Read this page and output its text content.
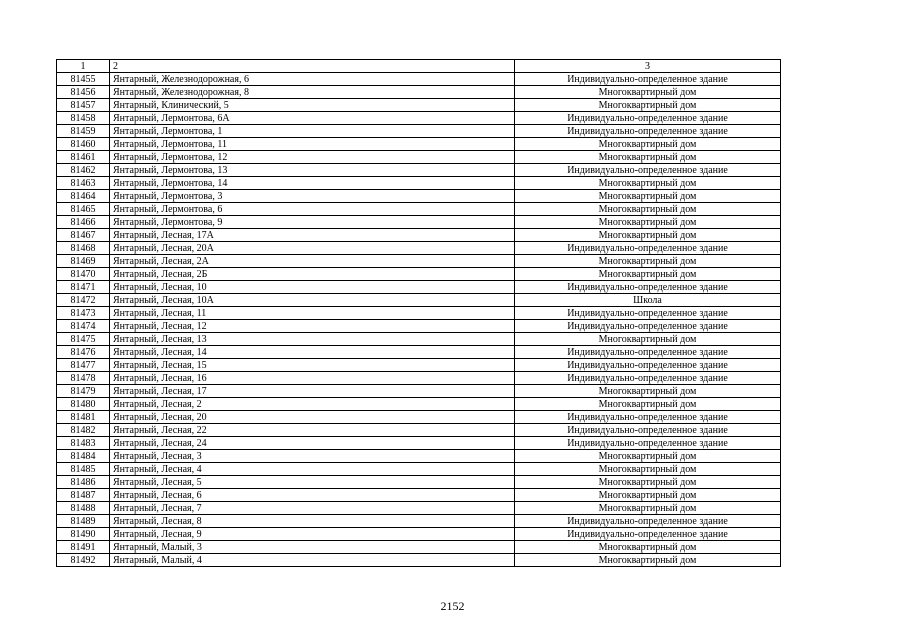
1	2	3
81455	Янтарный, Железнодорожная, 6	Индивидуально-определенное здание
81456	Янтарный, Железнодорожная, 8	Многоквартирный дом
81457	Янтарный, Клинический, 5	Многоквартирный дом
81458	Янтарный, Лермонтова, 6А	Индивидуально-определенное здание
81459	Янтарный, Лермонтова, 1	Индивидуально-определенное здание
81460	Янтарный, Лермонтова, 11	Многоквартирный дом
81461	Янтарный, Лермонтова, 12	Многоквартирный дом
81462	Янтарный, Лермонтова, 13	Индивидуально-определенное здание
81463	Янтарный, Лермонтова, 14	Многоквартирный дом
81464	Янтарный, Лермонтова, 3	Многоквартирный дом
81465	Янтарный, Лермонтова, 6	Многоквартирный дом
81466	Янтарный, Лермонтова, 9	Многоквартирный дом
81467	Янтарный, Лесная, 17А	Многоквартирный дом
81468	Янтарный, Лесная, 20А	Индивидуально-определенное здание
81469	Янтарный, Лесная, 2А	Многоквартирный дом
81470	Янтарный, Лесная, 2Б	Многоквартирный дом
81471	Янтарный, Лесная, 10	Индивидуально-определенное здание
81472	Янтарный, Лесная, 10А	Школа
81473	Янтарный, Лесная, 11	Индивидуально-определенное здание
81474	Янтарный, Лесная, 12	Индивидуально-определенное здание
81475	Янтарный, Лесная, 13	Многоквартирный дом
81476	Янтарный, Лесная, 14	Индивидуально-определенное здание
81477	Янтарный, Лесная, 15	Индивидуально-определенное здание
81478	Янтарный, Лесная, 16	Индивидуально-определенное здание
81479	Янтарный, Лесная, 17	Многоквартирный дом
81480	Янтарный, Лесная, 2	Многоквартирный дом
81481	Янтарный, Лесная, 20	Индивидуально-определенное здание
81482	Янтарный, Лесная, 22	Индивидуально-определенное здание
81483	Янтарный, Лесная, 24	Индивидуально-определенное здание
81484	Янтарный, Лесная, 3	Многоквартирный дом
81485	Янтарный, Лесная, 4	Многоквартирный дом
81486	Янтарный, Лесная, 5	Многоквартирный дом
81487	Янтарный, Лесная, 6	Многоквартирный дом
81488	Янтарный, Лесная, 7	Многоквартирный дом
81489	Янтарный, Лесная, 8	Индивидуально-определенное здание
81490	Янтарный, Лесная, 9	Индивидуально-определенное здание
81491	Янтарный, Малый, 3	Многоквартирный дом
81492	Янтарный, Малый, 4	Многоквартирный дом
2152
